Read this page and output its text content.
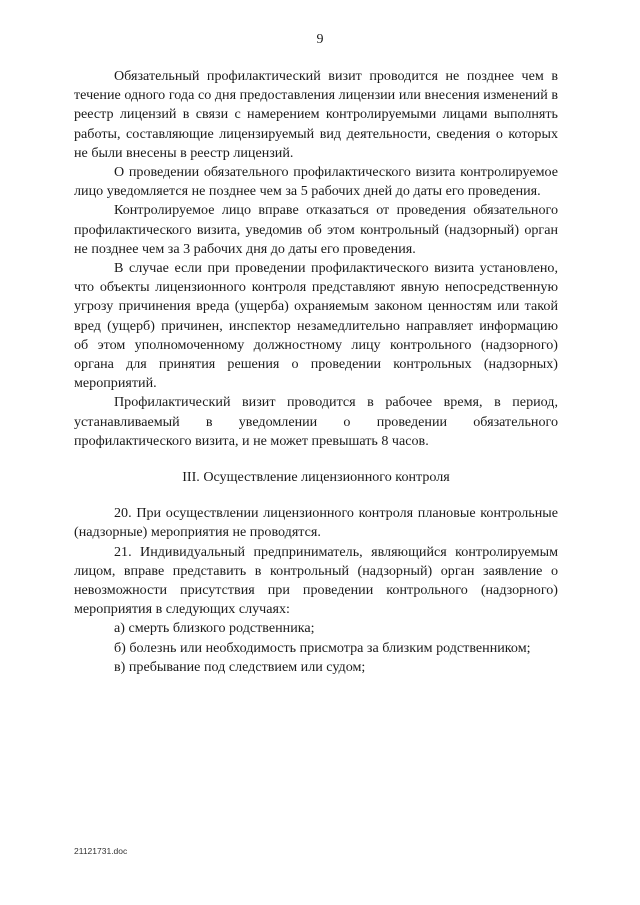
9

Обязательный профилактический визит проводится не позднее чем в течение одного года со дня предоставления лицензии или внесения изменений в реестр лицензий в связи с намерением контролируемыми лицами выполнять работы, составляющие лицензируемый вид деятельности, сведения о которых не были внесены в реестр лицензий.

О проведении обязательного профилактического визита контролируемое лицо уведомляется не позднее чем за 5 рабочих дней до даты его проведения.

Контролируемое лицо вправе отказаться от проведения обязательного профилактического визита, уведомив об этом контрольный (надзорный) орган не позднее чем за 3 рабочих дня до даты его проведения.

В случае если при проведении профилактического визита установлено, что объекты лицензионного контроля представляют явную непосредственную угрозу причинения вреда (ущерба) охраняемым законом ценностям или такой вред (ущерб) причинен, инспектор незамедлительно направляет информацию об этом уполномоченному должностному лицу контрольного (надзорного) органа для принятия решения о проведении контрольных (надзорных) мероприятий.

Профилактический визит проводится в рабочее время, в период, устанавливаемый в уведомлении о проведении обязательного профилактического визита, и не может превышать 8 часов.

III. Осуществление лицензионного контроля

20. При осуществлении лицензионного контроля плановые контрольные (надзорные) мероприятия не проводятся.

21. Индивидуальный предприниматель, являющийся контролируемым лицом, вправе представить в контрольный (надзорный) орган заявление о невозможности присутствия при проведении контрольного (надзорного) мероприятия в следующих случаях:

а) смерть близкого родственника;

б) болезнь или необходимость присмотра за близким родственником;

в) пребывание под следствием или судом;

21121731.doc
